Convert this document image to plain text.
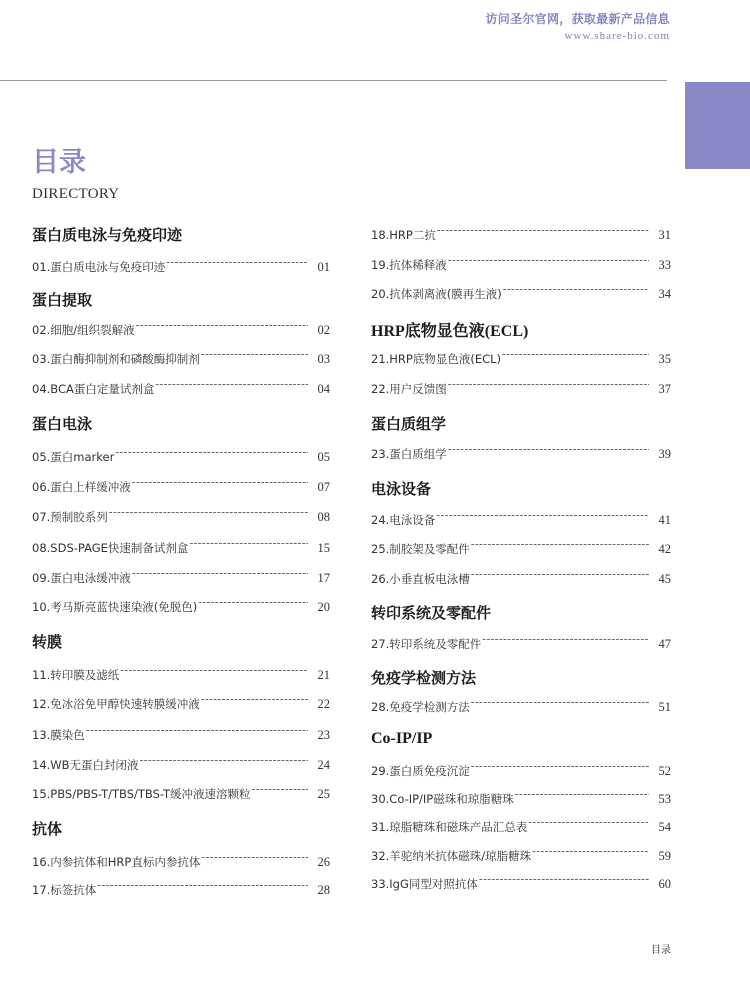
访问圣尔官网，获取最新产品信息
www.share-bio.com
目录
DIRECTORY
蛋白质电泳与免疫印迹
01.蛋白质电泳与免疫印迹 -----	01
蛋白提取
02.细胞/组织裂解液 -----	02
03.蛋白酶抑制剂和磷酸酶抑制剂 -----	03
04.BCA蛋白定量试剂盒 -----	04
蛋白电泳
05.蛋白marker -----	05
06.蛋白上样缓冲液 -----	07
07.预制胶系列 -----	08
08.SDS-PAGE快速制备试剂盒 -----	15
09.蛋白电泳缓冲液 -----	17
10.考马斯亮蓝快速染液(免脱色) -----	20
转膜
11.转印膜及滤纸 -----	21
12.免冰浴免甲醇快速转膜缓冲液 -----	22
13.膜染色 -----	23
14.WB无蛋白封闭液 -----	24
15.PBS/PBS-T/TBS/TBS-T缓冲液速溶颗粒 -----	25
抗体
16.内参抗体和HRP直标内参抗体 -----	26
17.标签抗体 -----	28
18.HRP二抗 -----	31
19.抗体稀释液 -----	33
20.抗体剥离液(膜再生液) -----	34
HRP底物显色液(ECL)
21.HRP底物显色液(ECL) -----	35
22.用户反馈图 -----	37
蛋白质组学
23.蛋白质组学 -----	39
电泳设备
24.电泳设备 -----	41
25.制胶架及零配件 -----	42
26.小垂直板电泳槽 -----	45
转印系统及零配件
27.转印系统及零配件 -----	47
免疫学检测方法
28.免疫学检测方法 -----	51
Co-IP/IP
29.蛋白质免疫沉淀 -----	52
30.Co-IP/IP磁珠和琼脂糖珠 -----	53
31.琼脂糖珠和磁珠产品汇总表 -----	54
32.羊驼纳米抗体磁珠/琼脂糖珠 -----	59
33.IgG同型对照抗体 -----	60
目录
